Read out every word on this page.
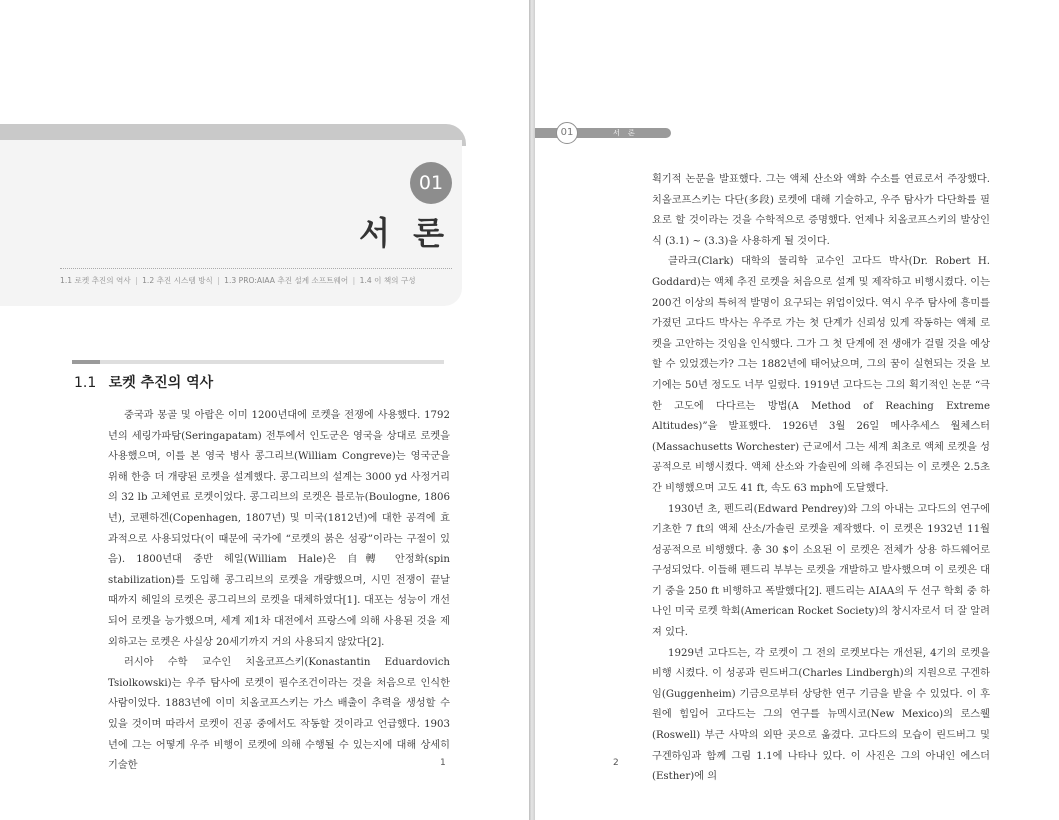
01
서 론
1.1 로켓 추진의 역사 | 1.2 추진 시스템 방식 | 1.3 PRO:AIAA 추진 설계 소프트웨어 | 1.4 이 책의 구성
1.1 로켓 추진의 역사

중국과 몽골 및 아랍은 이미 1200년대에 로켓을 전쟁에 사용했다. 1792년의 세링가파탐(Seringapatam) 전투에서 인도군은 영국을 상대로 로켓을 사용했으며, 이를 본 영국 병사 콩그리브(William Congreve)는 영국군을 위해 한층 더 개량된 로켓을 설계했다. 콩그리브의 설계는 3000 yd 사정거리의 32 lb 고체연료 로켓이었다. 콩그리브의 로켓은 블로뉴(Boulogne, 1806년), 코펜하겐(Copenhagen, 1807년) 및 미국(1812년)에 대한 공격에 효과적으로 사용되었다(이 때문에 국가에 “로켓의 붉은 섬광”이라는 구절이 있음). 1800년대 중반 헤일(William Hale)은 自轉 안정화(spin stabilization)를 도입해 콩그리브의 로켓을 개량했으며, 시민 전쟁이 끝날 때까지 헤일의 로켓은 콩그리브의 로켓을 대체하였다[1]. 대포는 성능이 개선 되어 로켓을 능가했으며, 세계 제1차 대전에서 프랑스에 의해 사용된 것을 제외하고는 로켓은 사실상 20세기까지 거의 사용되지 않았다[2].

러시아 수학 교수인 치올코프스키(Konastantin Eduardovich Tsiolkowski)는 우주 탐사에 로켓이 필수조건이라는 것을 처음으로 인식한 사람이었다. 1883년에 이미 치올코프스키는 가스 배출이 추력을 생성할 수 있을 것이며 따라서 로켓이 진공 중에서도 작동할 것이라고 언급했다. 1903년에 그는 어떻게 우주 비행이 로켓에 의해 수행될 수 있는지에 대해 상세히 기술한	1
01	서 론

획기적 논문을 발표했다. 그는 액체 산소와 액화 수소를 연료로서 주장했다. 치올코프스키는 다단(多段) 로켓에 대해 기술하고, 우주 탐사가 다단화를 필요로 할 것이라는 것을 수학적으로 증명했다. 언제나 치올코프스키의 발상인 식 (3.1) ~ (3.3)을 사용하게 될 것이다.

클라크(Clark) 대학의 물리학 교수인 고다드 박사(Dr. Robert H. Goddard)는 액체 추진 로켓을 처음으로 설계 및 제작하고 비행시켰다. 이는 200건 이상의 특허적 발명이 요구되는 위업이었다. 역시 우주 탐사에 흥미를 가졌던 고다드 박사는 우주로 가는 첫 단계가 신뢰성 있게 작동하는 액체 로켓을 고안하는 것임을 인식했다. 그가 그 첫 단계에 전 생애가 걸릴 것을 예상할 수 있었겠는가? 그는 1882년에 태어났으며, 그의 꿈이 실현되는 것을 보기에는 50년 정도도 너무 일렀다. 1919년 고다드는 그의 획기적인 논문 “극한 고도에 다다르는 방법(A Method of Reaching Extreme Altitudes)”을 발표했다. 1926년 3월 26일 메사추세스 월체스터(Massachusetts Worchester) 근교에서 그는 세계 최초로 액체 로켓을 성공적으로 비행시켰다. 액체 산소와 가솔린에 의해 추진되는 이 로켓은 2.5초간 비행했으며 고도 41 ft, 속도 63 mph에 도달했다.

1930년 초, 펜드리(Edward Pendrey)와 그의 아내는 고다드의 연구에 기초한 7 ft의 액체 산소/가솔린 로켓을 제작했다. 이 로켓은 1932년 11월 성공적으로 비행했다. 총 30 $이 소요된 이 로켓은 전체가 상용 하드웨어로 구성되었다. 이들해 펜드리 부부는 로켓을 개발하고 발사했으며 이 로켓은 대기 중을 250 ft 비행하고 폭발했다[2]. 펜드리는 AIAA의 두 선구 학회 중 하나인 미국 로켓 학회(American Rocket Society)의 창시자로서 더 잘 알려져 있다.

1929년 고다드는, 각 로켓이 그 전의 로켓보다는 개선된, 4기의 로켓을 비행 시켰다. 이 성공과 린드버그(Charles Lindbergh)의 지원으로 구겐하임(Guggenheim) 기금으로부터 상당한 연구 기금을 받을 수 있었다. 이 후원에 힘입어 고다드는 그의 연구를 뉴멕시코(New Mexico)의 로스웰(Roswell) 부근 사막의 외딴 곳으로 옮겼다. 고다드의 모습이 린드버그 및 구겐하임과 함께 그림 1.1에 나타나 있다. 이 사진은 그의 아내인 에스더(Esther)에 의

2
